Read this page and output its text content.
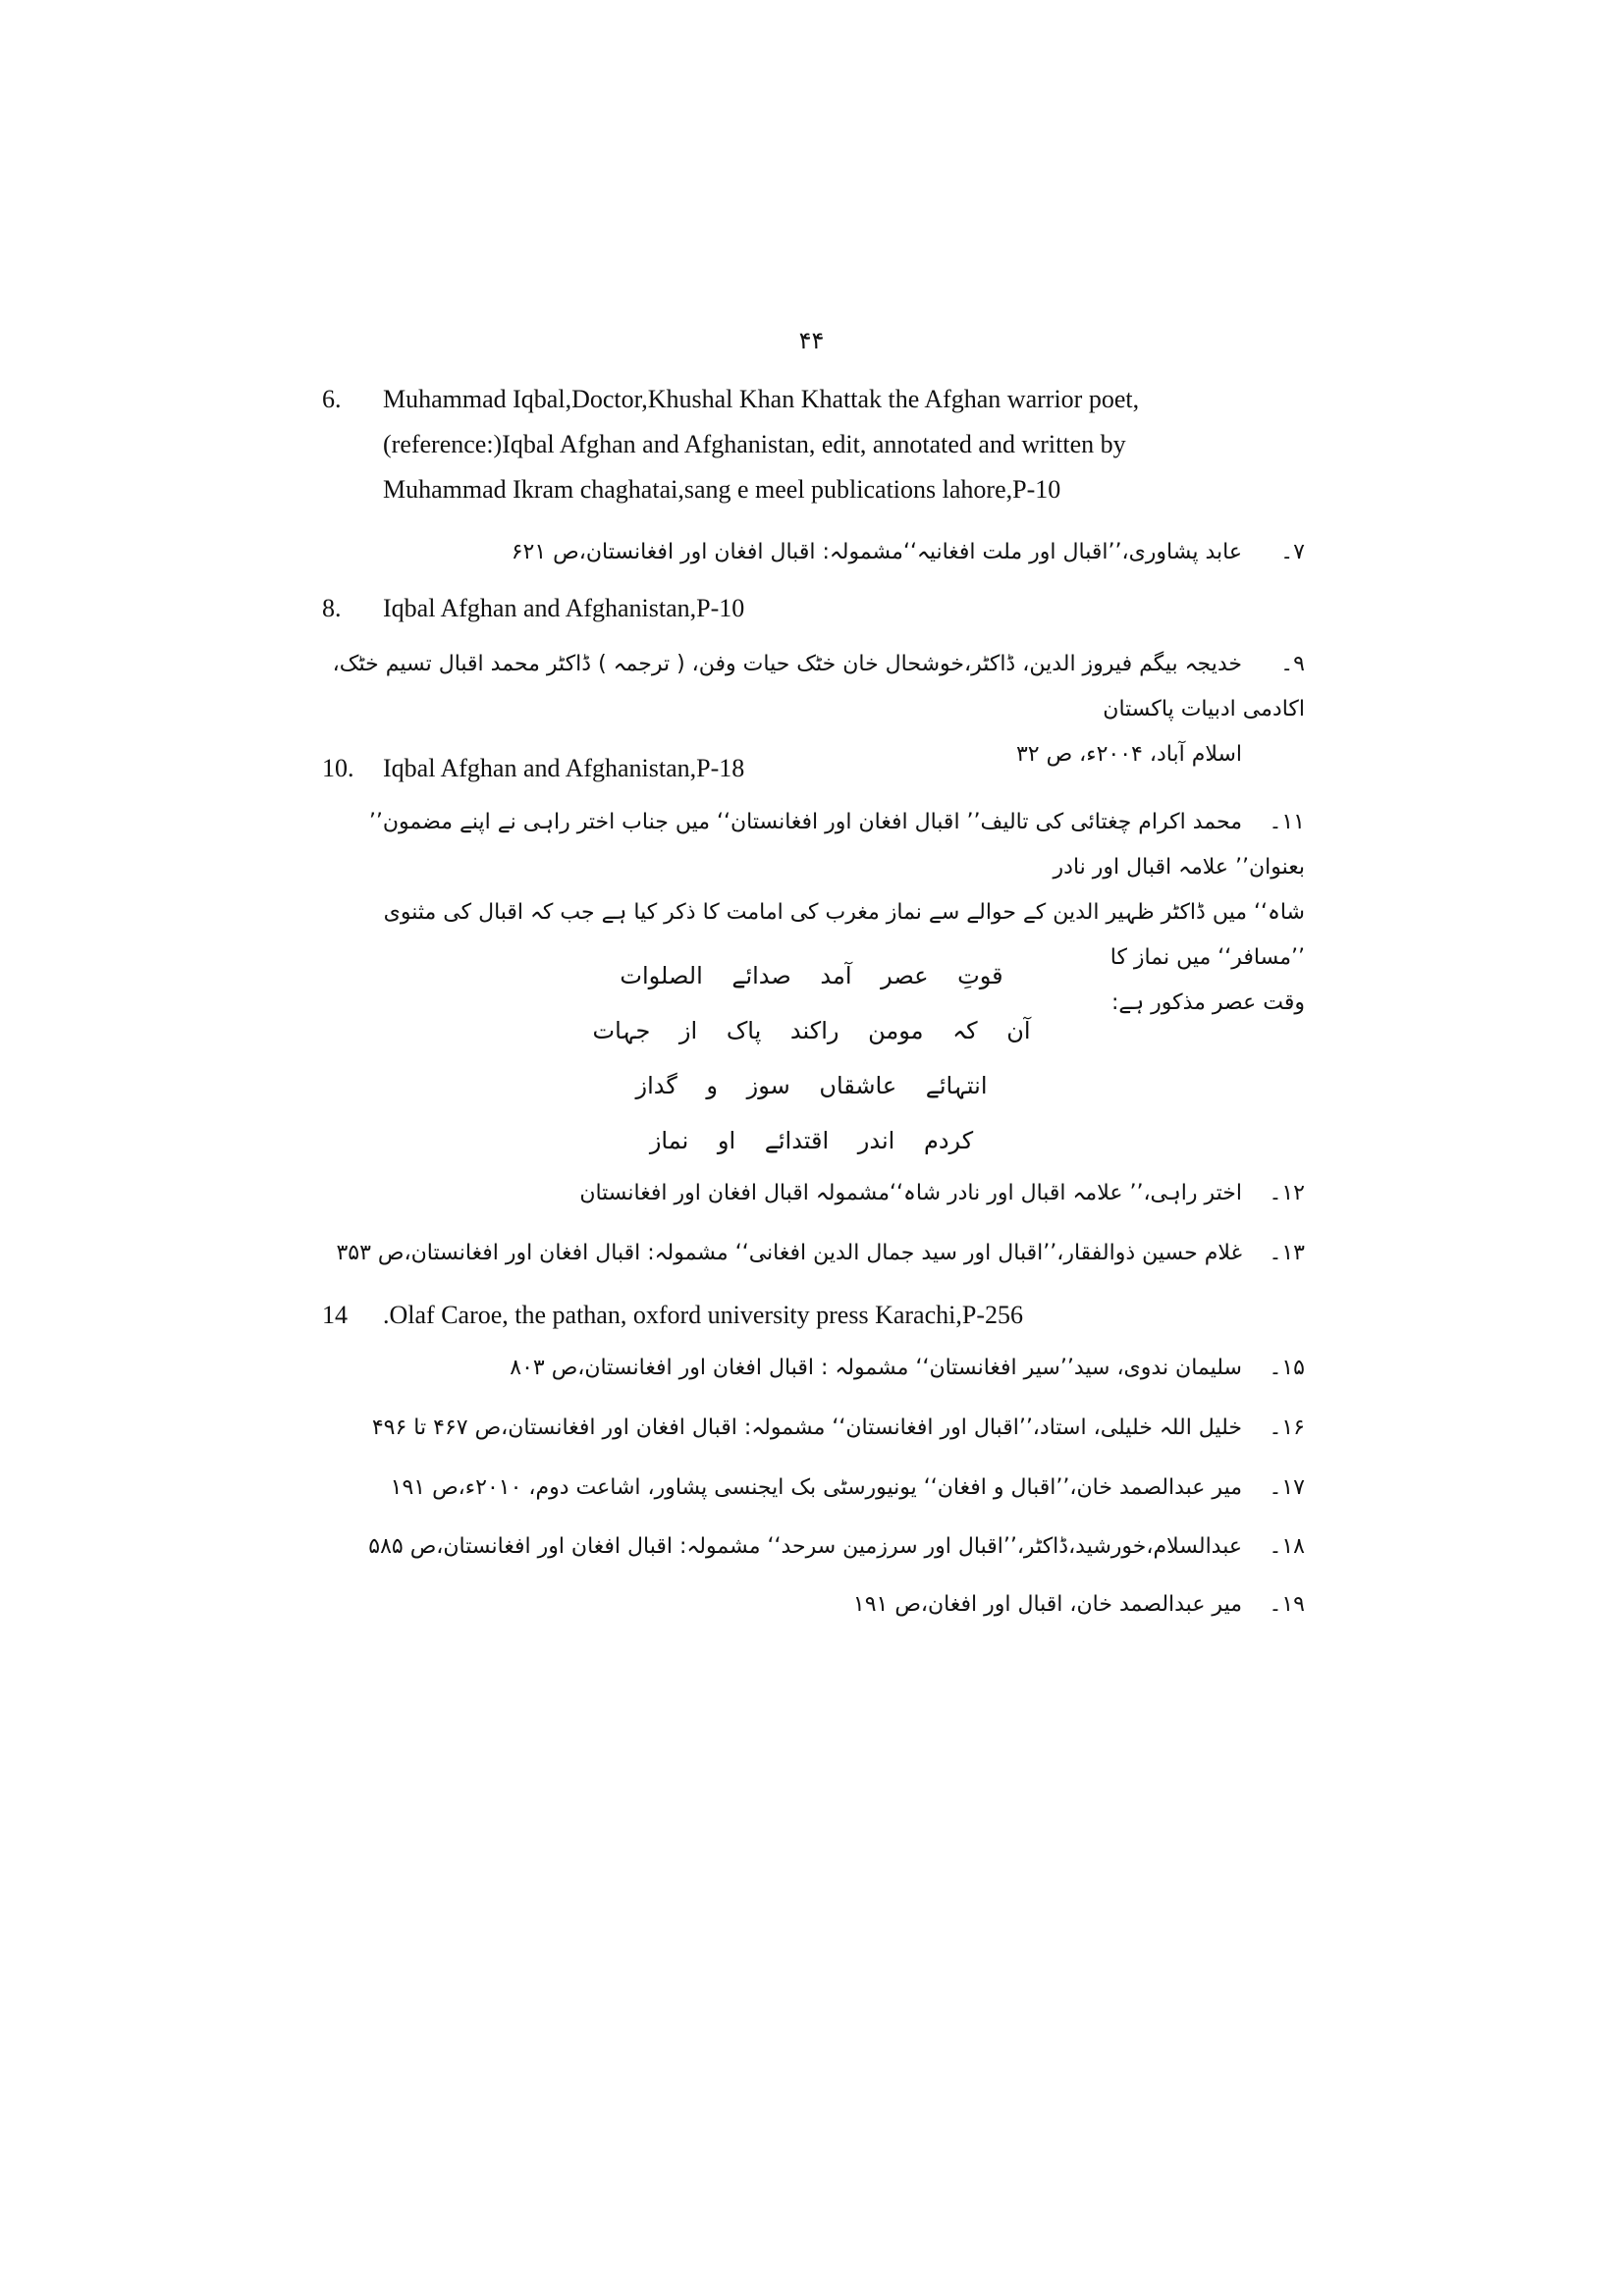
۴۴
6. Muhammad Iqbal,Doctor,Khushal Khan Khattak the Afghan warrior poet,
(reference:)Iqbal Afghan and Afghanistan, edit, annotated and written by
Muhammad Ikram chaghatai,sang e meel publications lahore,P-10
۷۔عابد پشاوری،’’اقبال اور ملت افغانیہ‘‘مشمولہ: اقبال افغان اور افغانستان،ص ۶۲۱
8. Iqbal Afghan and Afghanistan,P-10
۹۔خدیجہ بیگم فیروز الدین، ڈاکٹر،خوشحال خان خٹک حیات وفن، ( ترجمہ ) ڈاکٹر محمد اقبال تسیم خٹک، اکادمی ادبیات پاکستان
اسلام آباد، ۲۰۰۴ء، ص ۳۲
10. Iqbal Afghan and Afghanistan,P-18
۱۱۔محمد اکرام چغتائی کی تالیف’’ اقبال افغان اور افغانستان‘‘ میں جناب اختر راہی نے اپنے مضمون’’ بعنوان’’ علامہ اقبال اور نادر
شاہ‘‘ میں ڈاکٹر ظہیر الدین کے حوالے سے نماز مغرب کی امامت کا ذکر کیا ہے جب کہ اقبال کی مثنوی ’’مسافر‘‘ میں نماز کا
وقت عصر مذکور ہے:
قوتِ عصر آمد صدائے الصلوات
آن کہ مومن راکند پاک از جہات
انتہائے عاشقاں سوز و گداز
کردم اندر اقتدائے او نماز
۱۲۔اختر راہی،’’ علامہ اقبال اور نادر شاہ‘‘مشمولہ اقبال افغان اور افغانستان
۱۳۔غلام حسین ذوالفقار،’’اقبال اور سید جمال الدین افغانی‘‘ مشمولہ: اقبال افغان اور افغانستان،ص ۳۵۳
14 .Olaf Caroe, the pathan, oxford university press Karachi,P-256
۱۵۔سلیمان ندوی، سید’’سیر افغانستان‘‘ مشمولہ : اقبال افغان اور افغانستان،ص ۸۰۳
۱۶۔خلیل اللہ خلیلی، استاد،’’اقبال اور افغانستان‘‘ مشمولہ: اقبال افغان اور افغانستان،ص ۴۶۷ تا ۴۹۶
۱۷۔میر عبدالصمد خان،’’اقبال و افغان‘‘ یونیورسٹی بک ایجنسی پشاور، اشاعت دوم، ۲۰۱۰ء،ص ۱۹۱
۱۸۔عبدالسلام،خورشید،ڈاکٹر،’’اقبال اور سرزمین سرحد‘‘ مشمولہ: اقبال افغان اور افغانستان،ص ۵۸۵
۱۹۔میر عبدالصمد خان، اقبال اور افغان،ص ۱۹۱
